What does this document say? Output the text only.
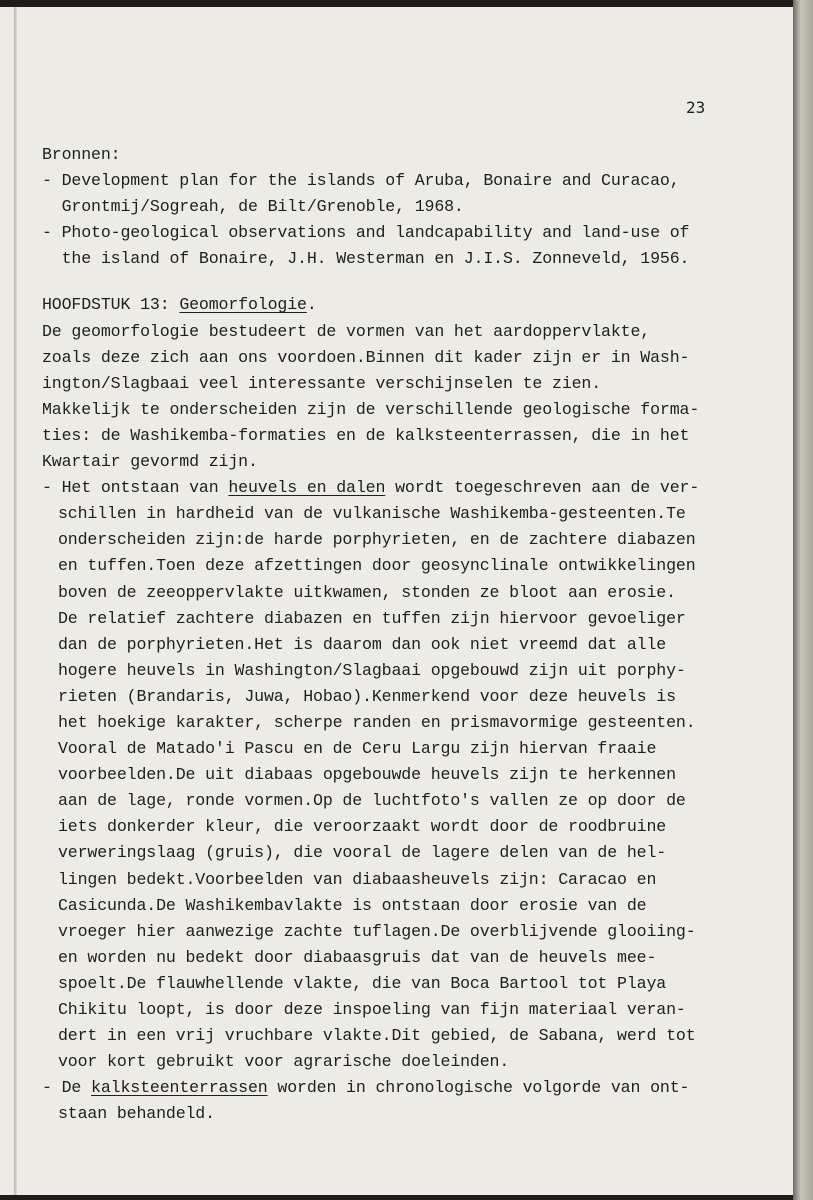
23
Bronnen:
- Development plan for the islands of Aruba, Bonaire and Curacao,
Grontmij/Sogreah, de Bilt/Grenoble, 1968.
- Photo-geological observations and landcapability and land-use of
the island of Bonaire, J.H. Westerman en J.I.S. Zonneveld, 1956.
HOOFDSTUK 13: Geomorfologie.
De geomorfologie bestudeert de vormen van het aardoppervlakte,
zoals deze zich aan ons voordoen.Binnen dit kader zijn er in Wash-
ington/Slagbaai veel interessante verschijnselen te zien.
Makkelijk te onderscheiden zijn de verschillende geologische forma-
ties: de Washikemba-formaties en de kalksteenterrassen, die in het
Kwartair gevormd zijn.
- Het ontstaan van heuvels en dalen wordt toegeschreven aan de ver-
schillen in hardheid van de vulkanische Washikemba-gesteenten.Te
onderscheiden zijn:de harde porphyrieten, en de zachtere diabazen
en tuffen.Toen deze afzettingen door geosynclinale ontwikkelingen
boven de zeeoppervlakte uitkwamen, stonden ze bloot aan erosie.
De relatief zachtere diabazen en tuffen zijn hiervoor gevoeliger
dan de porphyrieten.Het is daarom dan ook niet vreemd dat alle
hogere heuvels in Washington/Slagbaai opgebouwd zijn uit porphy-
rieten (Brandaris, Juwa, Hobao).Kenmerkend voor deze heuvels is
het hoekige karakter, scherpe randen en prismavormige gesteenten.
Vooral de Matado'i Pascu en de Ceru Largu zijn hiervan fraaie
voorbeelden.De uit diabaas opgebouwde heuvels zijn te herkennen
aan de lage, ronde vormen.Op de luchtfoto's vallen ze op door de
iets donkerder kleur, die veroorzaakt wordt door de roodbruine
verweringslaag (gruis), die vooral de lagere delen van de hel-
lingen bedekt.Voorbeelden van diabaasheuvels zijn: Caracao en
Casicunda.De Washikembavlakte is ontstaan door erosie van de
vroeger hier aanwezige zachte tuflagen.De overblijvende glooiing-
en worden nu bedekt door diabaasgruis dat van de heuvels mee-
spoelt.De flauwhellende vlakte, die van Boca Bartool tot Playa
Chikitu loopt, is door deze inspoeling van fijn materiaal veran-
dert in een vrij vruchbare vlakte.Dit gebied, de Sabana, werd tot
voor kort gebruikt voor agrarische doeleinden.
- De kalksteenterrassen worden in chronologische volgorde van ont-
staan behandeld.
